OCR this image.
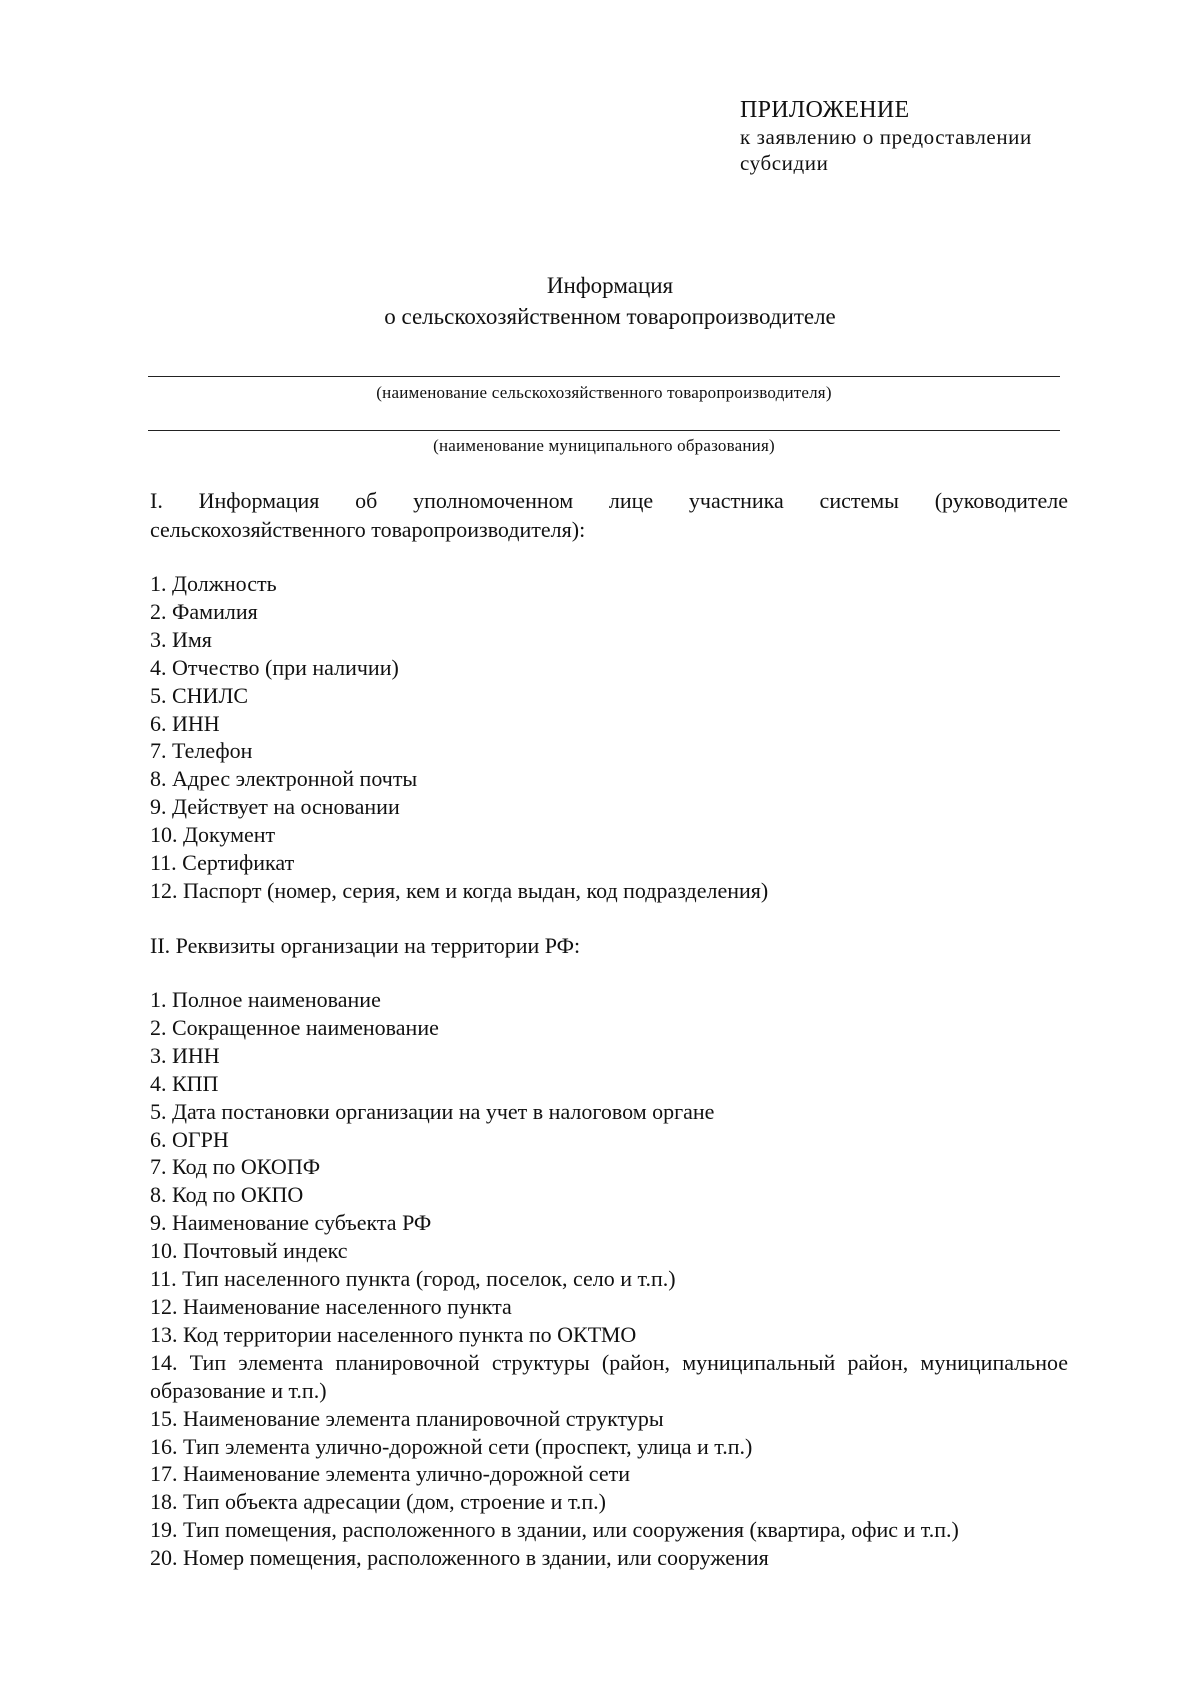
ПРИЛОЖЕНИЕ
к заявлению о предоставлении
субсидии
Информация
о сельскохозяйственном товаропроизводителе
(наименование сельскохозяйственного товаропроизводителя)
(наименование муниципального образования)
I. Информация об уполномоченном лице участника системы (руководителе сельскохозяйственного товаропроизводителя):
1. Должность
2. Фамилия
3. Имя
4. Отчество (при наличии)
5. СНИЛС
6. ИНН
7. Телефон
8. Адрес электронной почты
9. Действует на основании
10. Документ
11. Сертификат
12. Паспорт (номер, серия, кем и когда выдан, код подразделения)
II. Реквизиты организации на территории РФ:
1. Полное наименование
2. Сокращенное наименование
3. ИНН
4. КПП
5. Дата постановки организации на учет в налоговом органе
6. ОГРН
7. Код по ОКОПФ
8. Код по ОКПО
9. Наименование субъекта РФ
10. Почтовый индекс
11. Тип населенного пункта (город, поселок, село и т.п.)
12. Наименование населенного пункта
13. Код территории населенного пункта по ОКТМО
14. Тип элемента планировочной структуры (район, муниципальный район, муниципальное образование и т.п.)
15. Наименование элемента планировочной структуры
16. Тип элемента улично-дорожной сети (проспект, улица и т.п.)
17. Наименование элемента улично-дорожной сети
18. Тип объекта адресации (дом, строение и т.п.)
19. Тип помещения, расположенного в здании, или сооружения (квартира, офис и т.п.)
20. Номер помещения, расположенного в здании, или сооружения
